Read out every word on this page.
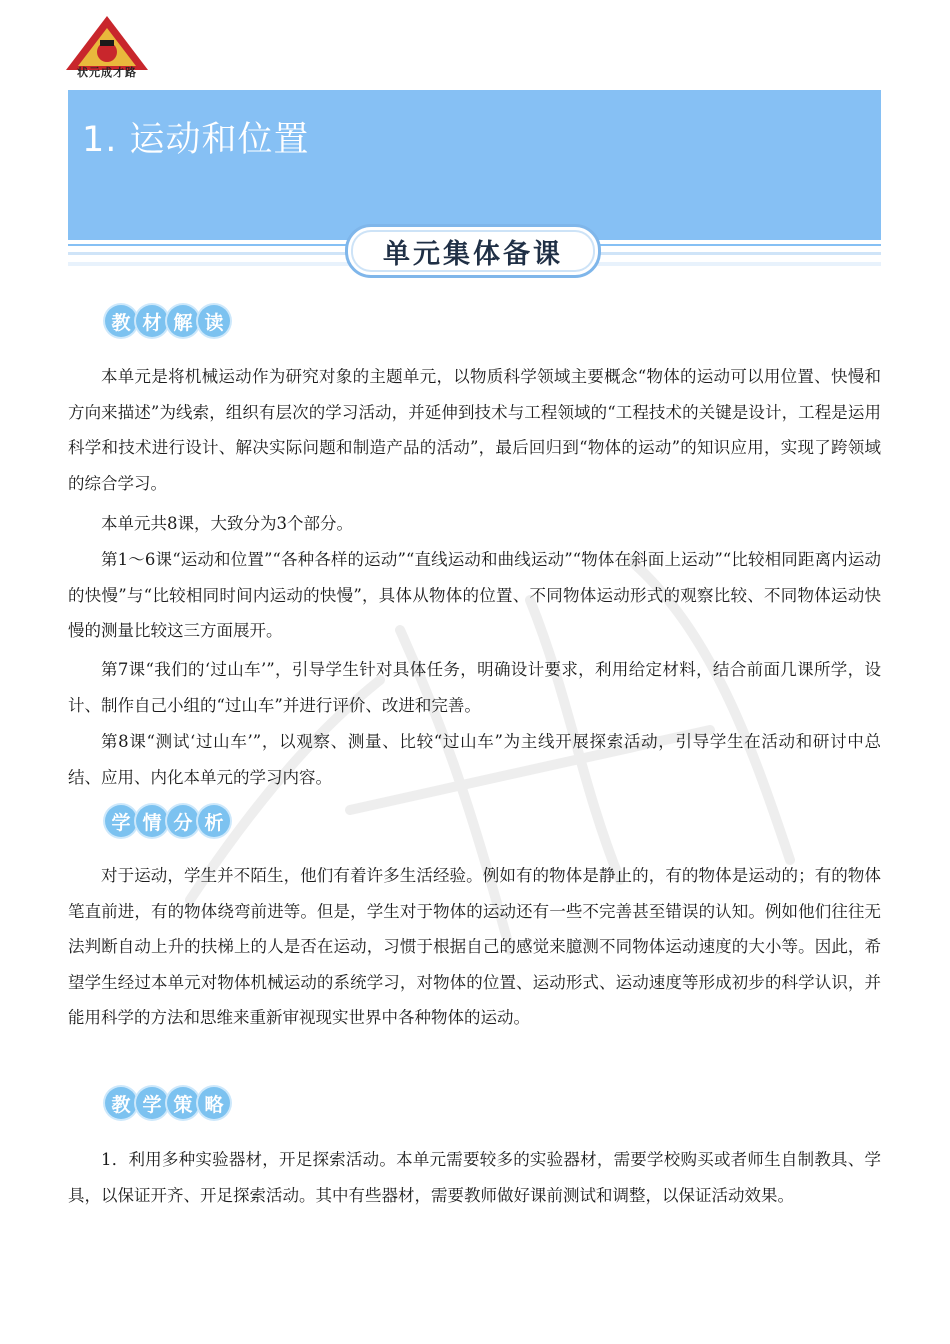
状元成才路
1. 运动和位置
单元集体备课
教 材 解 读

本单元是将机械运动作为研究对象的主题单元，以物质科学领域主要概念“物体的运动可以用位置、快慢和方向来描述”为线索，组织有层次的学习活动，并延伸到技术与工程领域的“工程技术的关键是设计，工程是运用科学和技术进行设计、解决实际问题和制造产品的活动”，最后回归到“物体的运动”的知识应用，实现了跨领域的综合学习。

本单元共8课，大致分为3个部分。

第1～6课“运动和位置”“各种各样的运动”“直线运动和曲线运动”“物体在斜面上运动”“比较相同距离内运动的快慢”与“比较相同时间内运动的快慢”，具体从物体的位置、不同物体运动形式的观察比较、不同物体运动快慢的测量比较这三方面展开。

第7课“我们的‘过山车’”，引导学生针对具体任务，明确设计要求，利用给定材料，结合前面几课所学，设计、制作自己小组的“过山车”并进行评价、改进和完善。

第8课“测试‘过山车’”，以观察、测量、比较“过山车”为主线开展探索活动，引导学生在活动和研讨中总结、应用、内化本单元的学习内容。

学 情 分 析

对于运动，学生并不陌生，他们有着许多生活经验。例如有的物体是静止的，有的物体是运动的；有的物体笔直前进，有的物体绕弯前进等。但是，学生对于物体的运动还有一些不完善甚至错误的认知。例如他们往往无法判断自动上升的扶梯上的人是否在运动，习惯于根据自己的感觉来臆测不同物体运动速度的大小等。因此，希望学生经过本单元对物体机械运动的系统学习，对物体的位置、运动形式、运动速度等形成初步的科学认识，并能用科学的方法和思维来重新审视现实世界中各种物体的运动。

教 学 策 略

1．利用多种实验器材，开足探索活动。本单元需要较多的实验器材，需要学校购买或者师生自制教具、学具，以保证开齐、开足探索活动。其中有些器材，需要教师做好课前测试和调整，以保证活动效果。
